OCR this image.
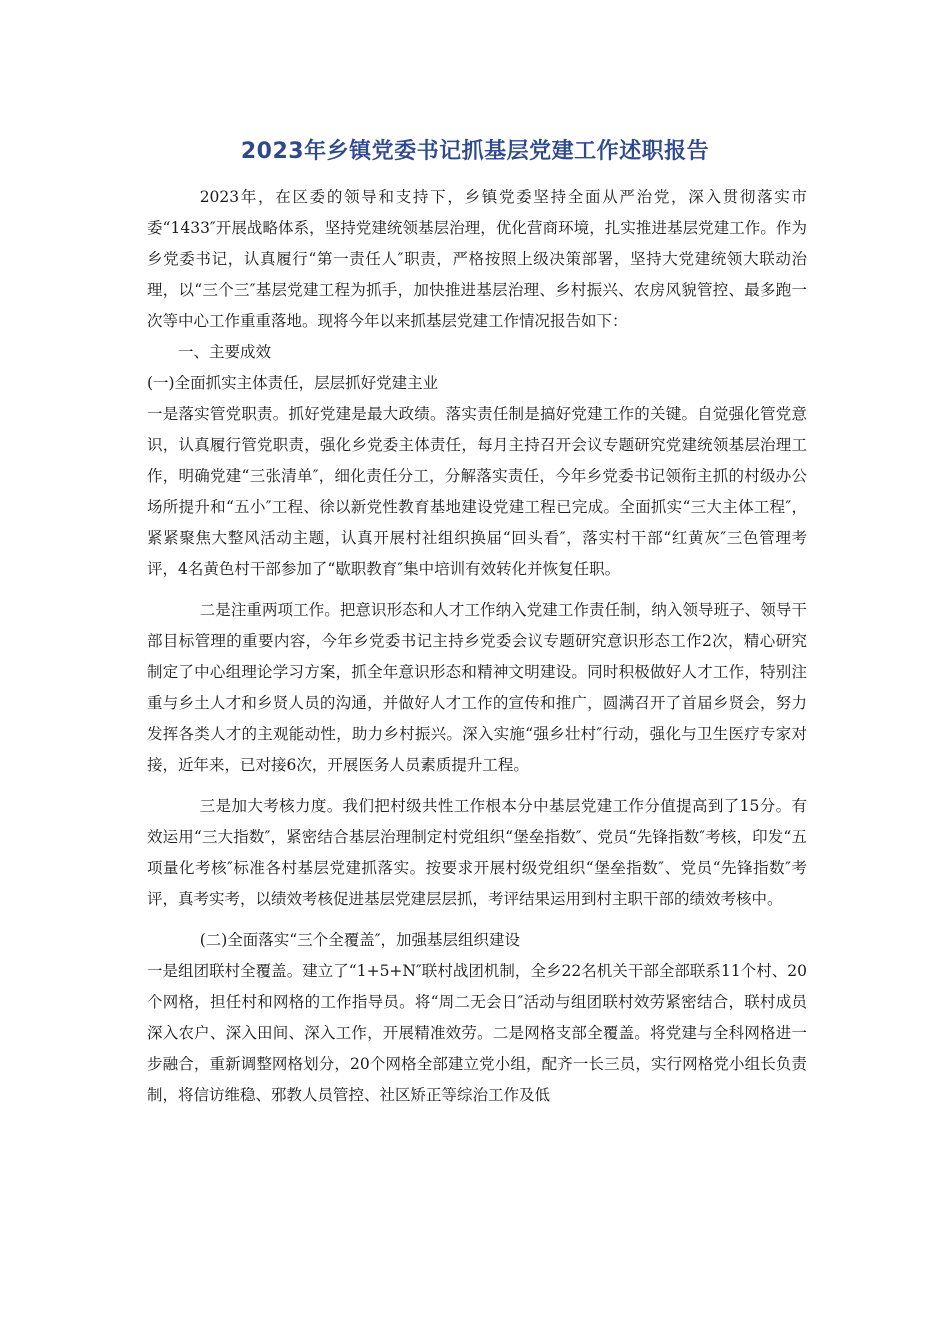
2023年乡镇党委书记抓基层党建工作述职报告

2023年，在区委的领导和支持下，乡镇党委坚持全面从严治党，深入贯彻落实市委“1433″开展战略体系，坚持党建统领基层治理，优化营商环境，扎实推进基层党建工作。作为乡党委书记，认真履行“第一责任人″职责，严格按照上级决策部署，坚持大党建统领大联动治理，以“三个三″基层党建工程为抓手，加快推进基层治理、乡村振兴、农房风貌管控、最多跑一次等中心工作重重落地。现将今年以来抓基层党建工作情况报告如下：

一、主要成效

(一)全面抓实主体责任，层层抓好党建主业

一是落实管党职责。抓好党建是最大政绩。落实责任制是搞好党建工作的关键。自觉强化管党意识，认真履行管党职责，强化乡党委主体责任，每月主持召开会议专题研究党建统领基层治理工作，明确党建“三张清单″，细化责任分工，分解落实责任，今年乡党委书记领衔主抓的村级办公场所提升和“五小″工程、徐以新党性教育基地建设党建工程已完成。全面抓实“三大主体工程″，紧紧聚焦大整风活动主题，认真开展村社组织换届“回头看″，落实村干部“红黄灰″三色管理考评，4名黄色村干部参加了“歇职教育″集中培训有效转化并恢复任职。

二是注重两项工作。把意识形态和人才工作纳入党建工作责任制，纳入领导班子、领导干部目标管理的重要内容，今年乡党委书记主持乡党委会议专题研究意识形态工作2次，精心研究制定了中心组理论学习方案，抓全年意识形态和精神文明建设。同时积极做好人才工作，特别注重与乡土人才和乡贤人员的沟通，并做好人才工作的宣传和推广，圆满召开了首届乡贤会，努力发挥各类人才的主观能动性，助力乡村振兴。深入实施“强乡壮村″行动，强化与卫生医疗专家对接，近年来，已对接6次，开展医务人员素质提升工程。

三是加大考核力度。我们把村级共性工作根本分中基层党建工作分值提高到了15分。有效运用“三大指数″，紧密结合基层治理制定村党组织“堡垒指数″、党员“先锋指数″考核，印发“五项量化考核″标准各村基层党建抓落实。按要求开展村级党组织“堡垒指数″、党员“先锋指数″考评，真考实考，以绩效考核促进基层党建层层抓，考评结果运用到村主职干部的绩效考核中。

(二)全面落实“三个全覆盖″，加强基层组织建设

一是组团联村全覆盖。建立了“1+5+N″联村战团机制，全乡22名机关干部全部联系11个村、20个网格，担任村和网格的工作指导员。将“周二无会日″活动与组团联村效劳紧密结合，联村成员深入农户、深入田间、深入工作，开展精准效劳。二是网格支部全覆盖。将党建与全科网格进一步融合，重新调整网格划分，20个网格全部建立党小组，配齐一长三员，实行网格党小组长负责制，将信访维稳、邪教人员管控、社区矫正等综治工作及低
